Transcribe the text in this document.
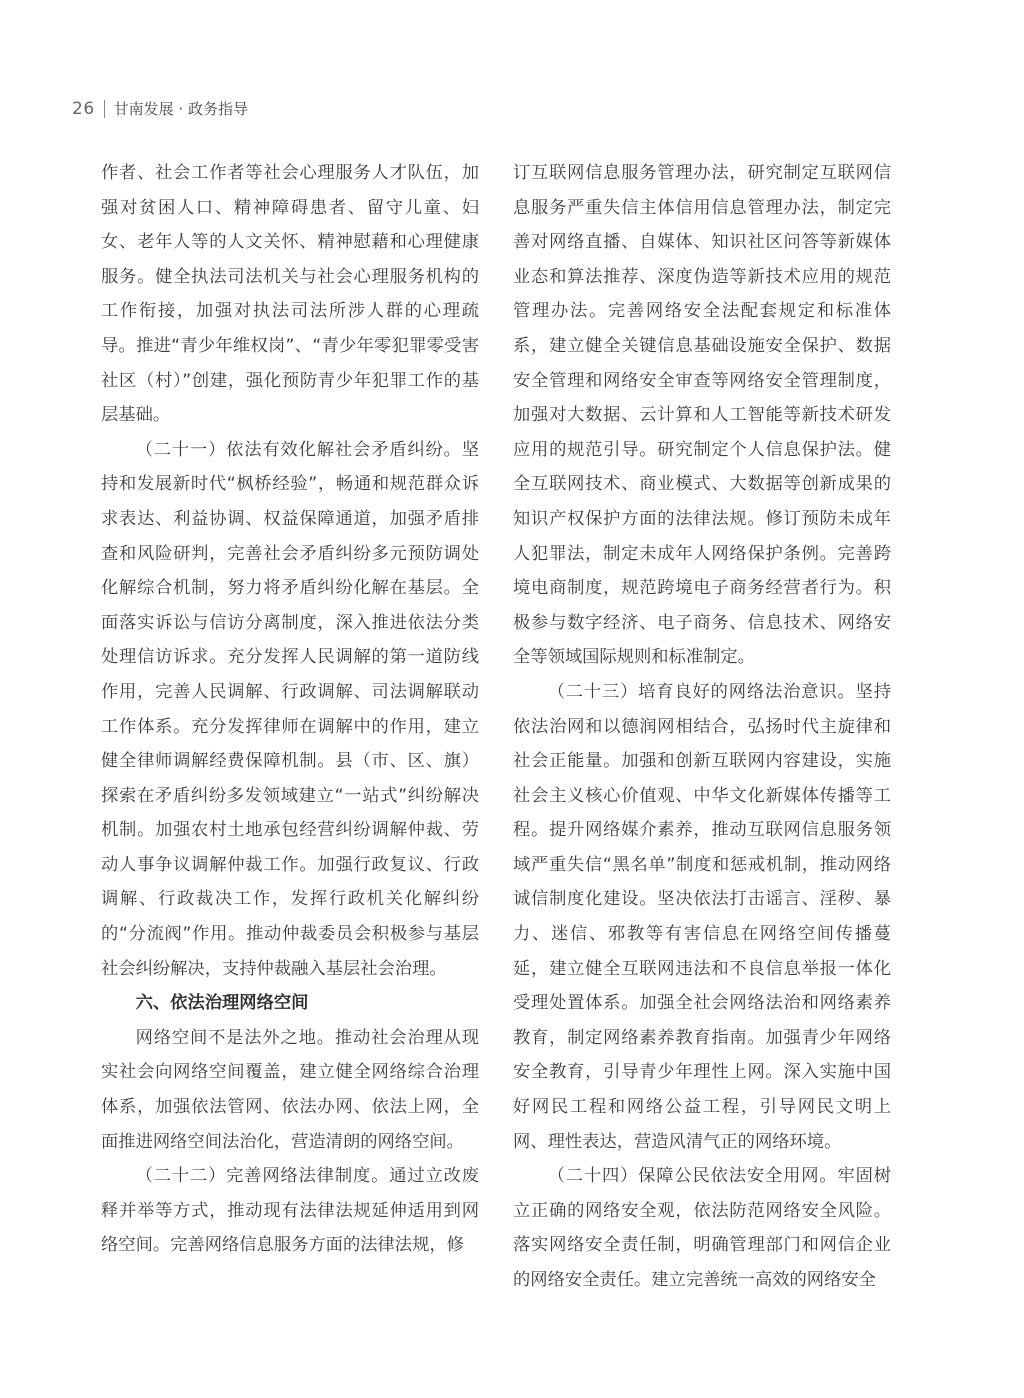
26 甘南发展 · 政务指导

作者、社会工作者等社会心理服务人才队伍，加强对贫困人口、精神障碍患者、留守儿童、妇女、老年人等的人文关怀、精神慰藉和心理健康服务。健全执法司法机关与社会心理服务机构的工作衔接，加强对执法司法所涉人群的心理疏导。推进“青少年维权岗”、“青少年零犯罪零受害社区（村）”创建，强化预防青少年犯罪工作的基层基础。

（二十一）依法有效化解社会矛盾纠纷。坚持和发展新时代“枫桥经验”，畅通和规范群众诉求表达、利益协调、权益保障通道，加强矛盾排查和风险研判，完善社会矛盾纠纷多元预防调处化解综合机制，努力将矛盾纠纷化解在基层。全面落实诉讼与信访分离制度，深入推进依法分类处理信访诉求。充分发挥人民调解的第一道防线作用，完善人民调解、行政调解、司法调解联动工作体系。充分发挥律师在调解中的作用，建立健全律师调解经费保障机制。县（市、区、旗）探索在矛盾纠纷多发领域建立“一站式”纠纷解决机制。加强农村土地承包经营纠纷调解仲裁、劳动人事争议调解仲裁工作。加强行政复议、行政调解、行政裁决工作，发挥行政机关化解纠纷的“分流阀”作用。推动仲裁委员会积极参与基层社会纠纷解决，支持仲裁融入基层社会治理。

六、依法治理网络空间

网络空间不是法外之地。推动社会治理从现实社会向网络空间覆盖，建立健全网络综合治理体系，加强依法管网、依法办网、依法上网，全面推进网络空间法治化，营造清朗的网络空间。

（二十二）完善网络法律制度。通过立改废释并举等方式，推动现有法律法规延伸适用到网络空间。完善网络信息服务方面的法律法规，修

订互联网信息服务管理办法，研究制定互联网信息服务严重失信主体信用信息管理办法，制定完善对网络直播、自媒体、知识社区问答等新媒体业态和算法推荐、深度伪造等新技术应用的规范管理办法。完善网络安全法配套规定和标准体系，建立健全关键信息基础设施安全保护、数据安全管理和网络安全审查等网络安全管理制度，加强对大数据、云计算和人工智能等新技术研发应用的规范引导。研究制定个人信息保护法。健全互联网技术、商业模式、大数据等创新成果的知识产权保护方面的法律法规。修订预防未成年人犯罪法，制定未成年人网络保护条例。完善跨境电商制度，规范跨境电子商务经营者行为。积极参与数字经济、电子商务、信息技术、网络安全等领域国际规则和标准制定。

（二十三）培育良好的网络法治意识。坚持依法治网和以德润网相结合，弘扬时代主旋律和社会正能量。加强和创新互联网内容建设，实施社会主义核心价值观、中华文化新媒体传播等工程。提升网络媒介素养，推动互联网信息服务领域严重失信“黑名单”制度和惩戒机制，推动网络诚信制度化建设。坚决依法打击谣言、淫秽、暴力、迷信、邪教等有害信息在网络空间传播蔓延，建立健全互联网违法和不良信息举报一体化受理处置体系。加强全社会网络法治和网络素养教育，制定网络素养教育指南。加强青少年网络安全教育，引导青少年理性上网。深入实施中国好网民工程和网络公益工程，引导网民文明上网、理性表达，营造风清气正的网络环境。

（二十四）保障公民依法安全用网。牢固树立正确的网络安全观，依法防范网络安全风险。落实网络安全责任制，明确管理部门和网信企业的网络安全责任。建立完善统一高效的网络安全
